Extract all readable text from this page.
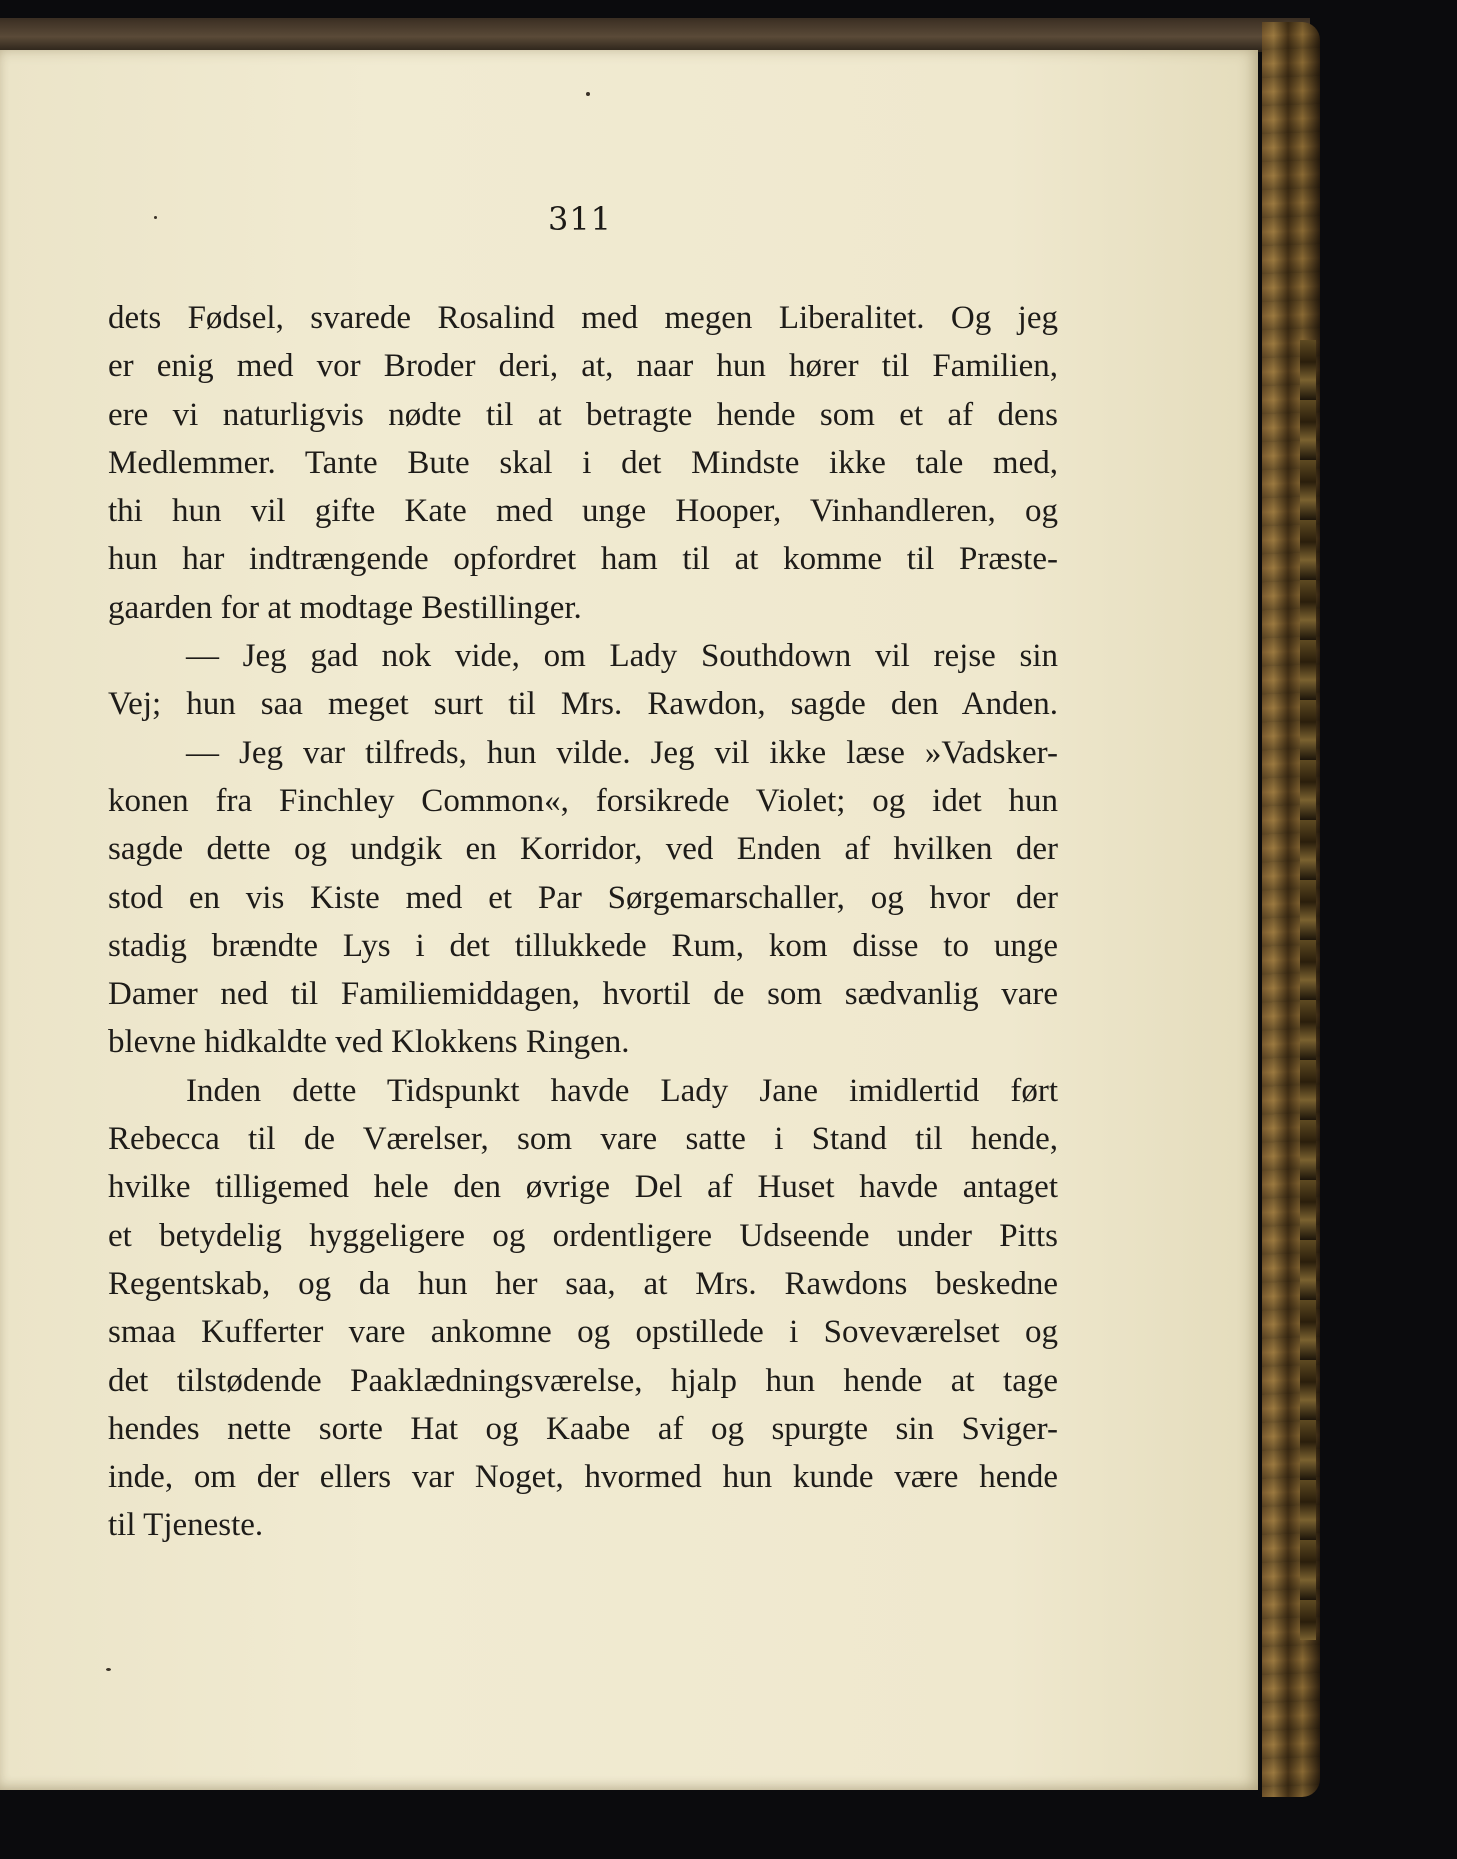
311
dets Fødsel, svarede Rosalind med megen Liberalitet. Og jeg
er enig med vor Broder deri, at, naar hun hører til Familien,
ere vi naturligvis nødte til at betragte hende som et af dens
Medlemmer. Tante Bute skal i det Mindste ikke tale med,
thi hun vil gifte Kate med unge Hooper, Vinhandleren, og
hun har indtrængende opfordret ham til at komme til Præste-
gaarden for at modtage Bestillinger.
— Jeg gad nok vide, om Lady Southdown vil rejse sin
Vej; hun saa meget surt til Mrs. Rawdon, sagde den Anden.
— Jeg var tilfreds, hun vilde. Jeg vil ikke læse »Vadsker-
konen fra Finchley Common«, forsikrede Violet; og idet hun
sagde dette og undgik en Korridor, ved Enden af hvilken der
stod en vis Kiste med et Par Sørgemarschaller, og hvor der
stadig brændte Lys i det tillukkede Rum, kom disse to unge
Damer ned til Familiemiddagen, hvortil de som sædvanlig vare
blevne hidkaldte ved Klokkens Ringen.
Inden dette Tidspunkt havde Lady Jane imidlertid ført
Rebecca til de Værelser, som vare satte i Stand til hende,
hvilke tilligemed hele den øvrige Del af Huset havde antaget
et betydelig hyggeligere og ordentligere Udseende under Pitts
Regentskab, og da hun her saa, at Mrs. Rawdons beskedne
smaa Kufferter vare ankomne og opstillede i Soveværelset og
det tilstødende Paaklædningsværelse, hjalp hun hende at tage
hendes nette sorte Hat og Kaabe af og spurgte sin Sviger-
inde, om der ellers var Noget, hvormed hun kunde være hende
til Tjeneste.
